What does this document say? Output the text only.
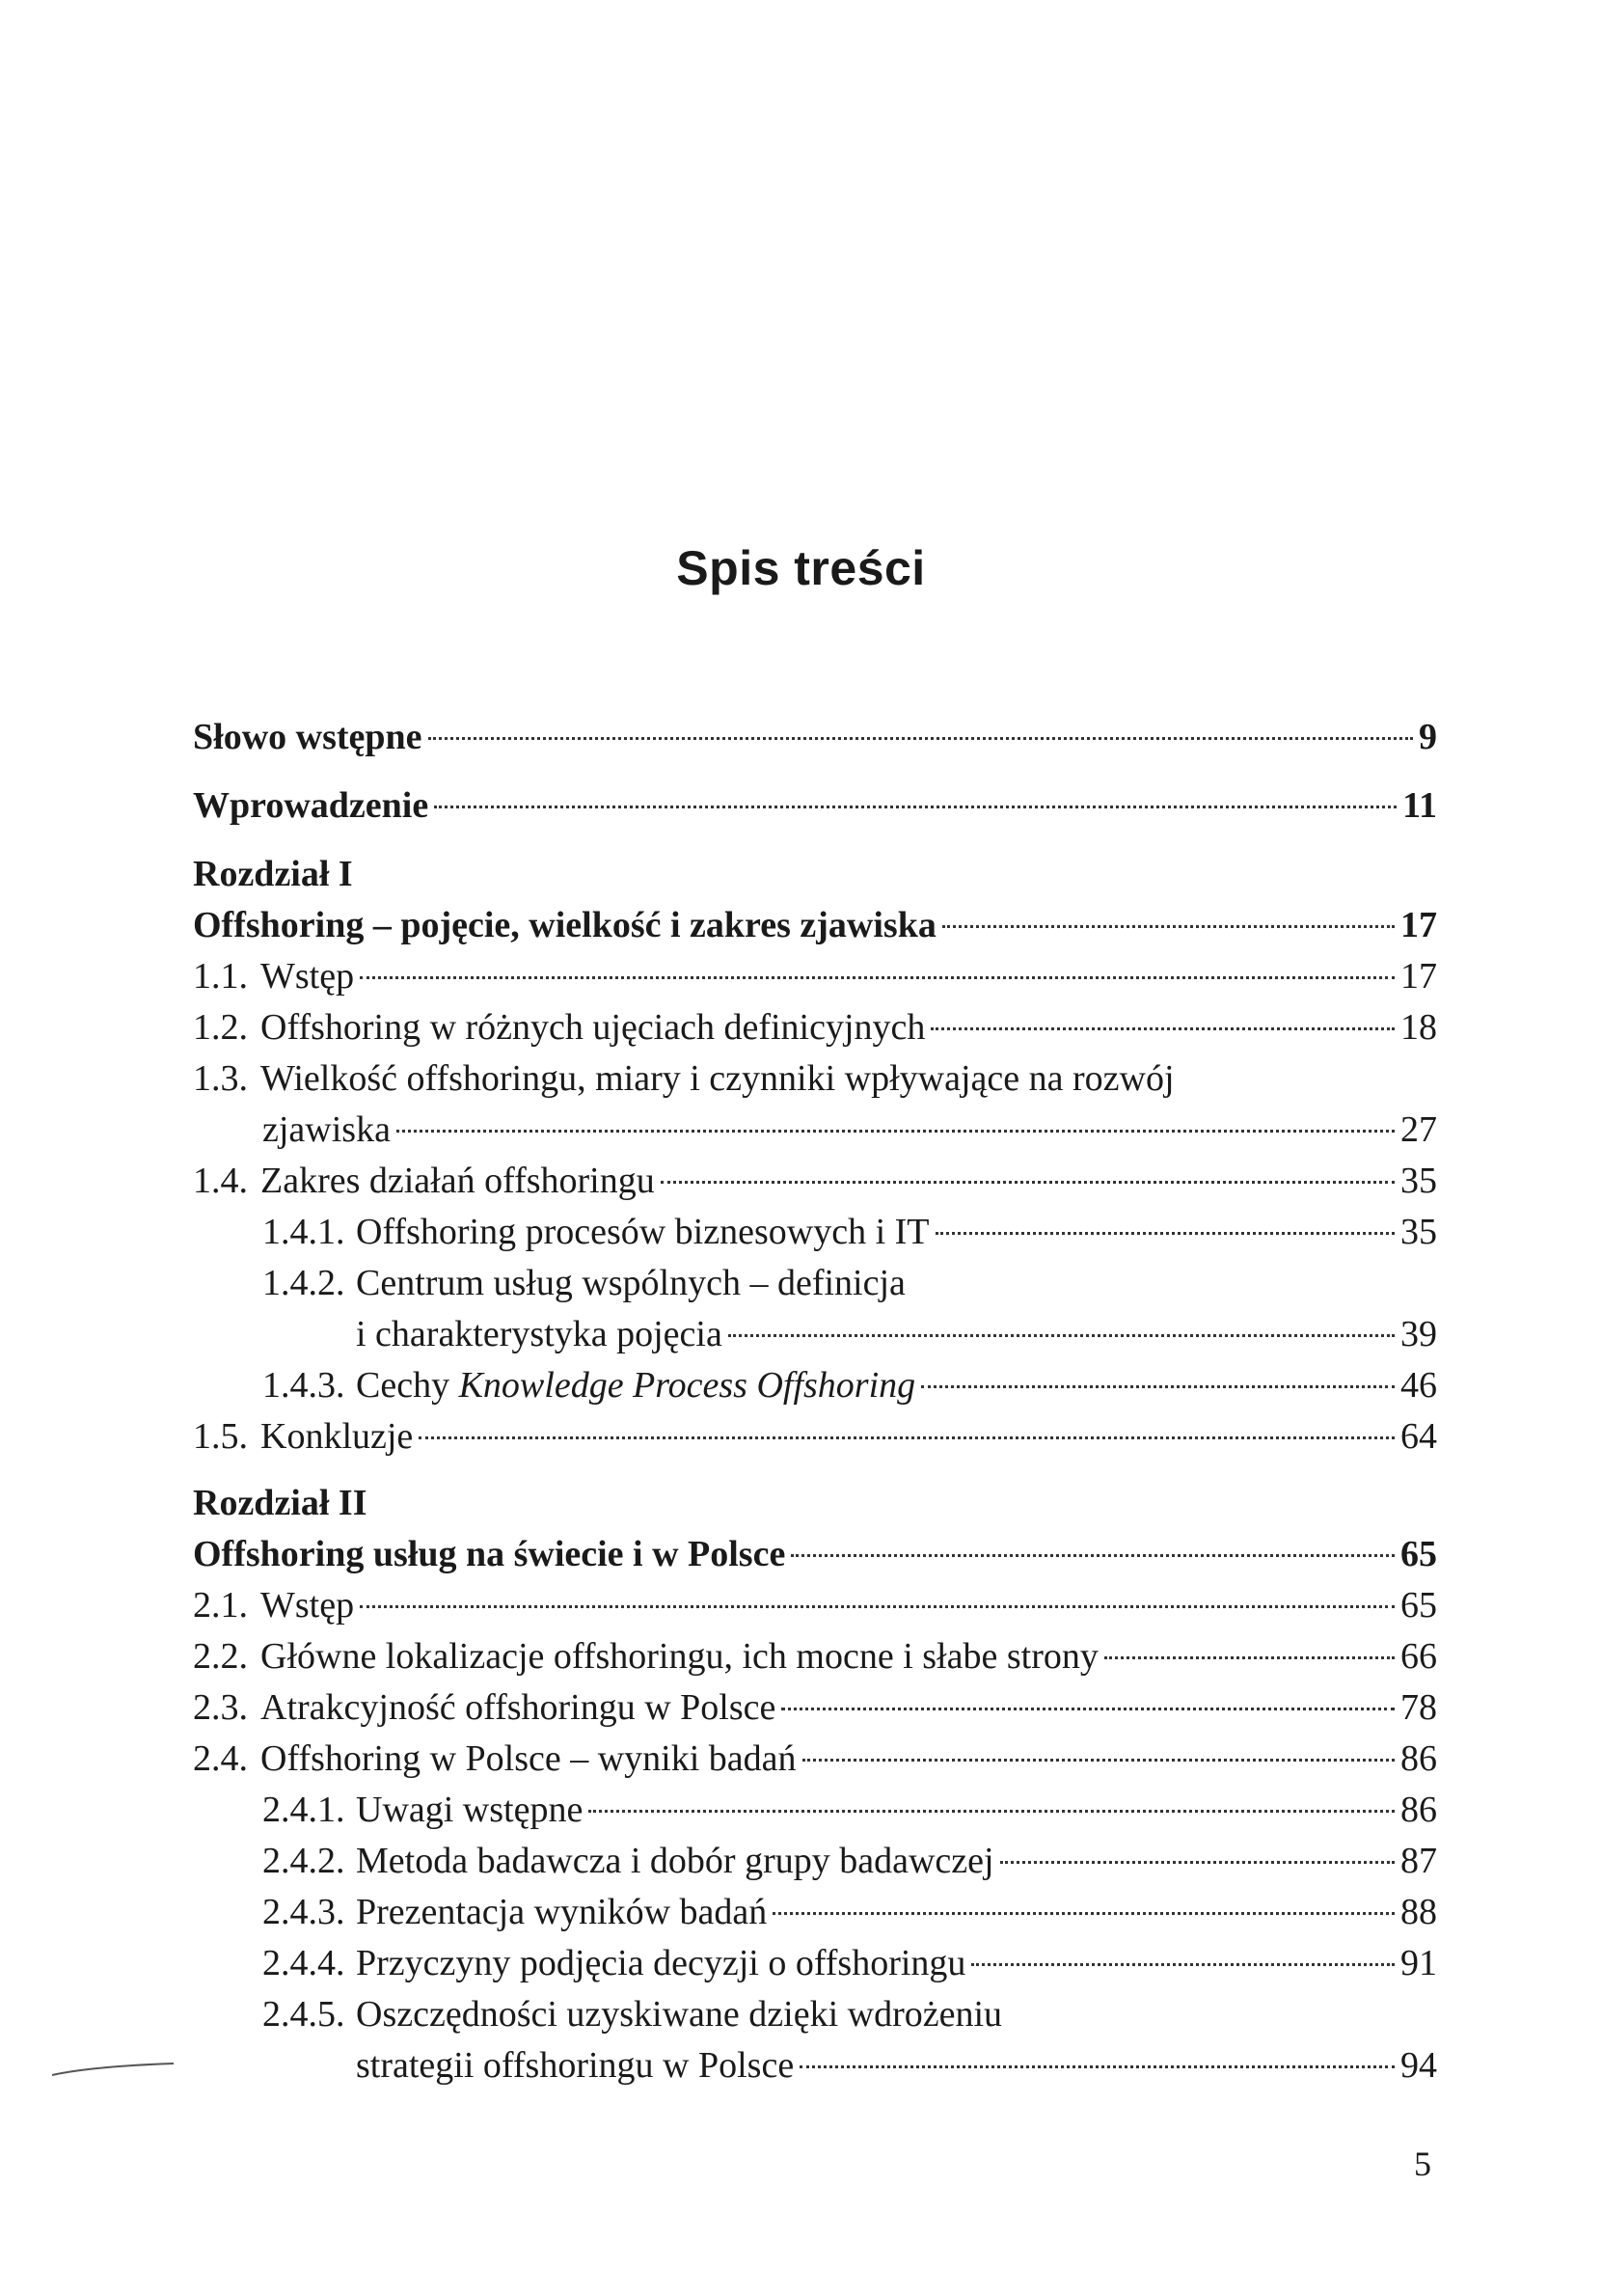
Spis treści
Słowo wstępne	9
Wprowadzenie	11
Rozdział I
Offshoring – pojęcie, wielkość i zakres zjawiska	17
1.1. Wstęp	17
1.2. Offshoring w różnych ujęciach definicyjnych	18
1.3. Wielkość offshoringu, miary i czynniki wpływające na rozwój
zjawiska	27
1.4. Zakres działań offshoringu	35
1.4.1. Offshoring procesów biznesowych i IT	35
1.4.2. Centrum usług wspólnych – definicja
i charakterystyka pojęcia	39
1.4.3. Cechy Knowledge Process Offshoring	46
1.5. Konkluzje	64
Rozdział II
Offshoring usług na świecie i w Polsce	65
2.1. Wstęp	65
2.2. Główne lokalizacje offshoringu, ich mocne i słabe strony	66
2.3. Atrakcyjność offshoringu w Polsce	78
2.4. Offshoring w Polsce – wyniki badań	86
2.4.1. Uwagi wstępne	86
2.4.2. Metoda badawcza i dobór grupy badawczej	87
2.4.3. Prezentacja wyników badań	88
2.4.4. Przyczyny podjęcia decyzji o offshoringu	91
2.4.5. Oszczędności uzyskiwane dzięki wdrożeniu
strategii offshoringu w Polsce	94
5
